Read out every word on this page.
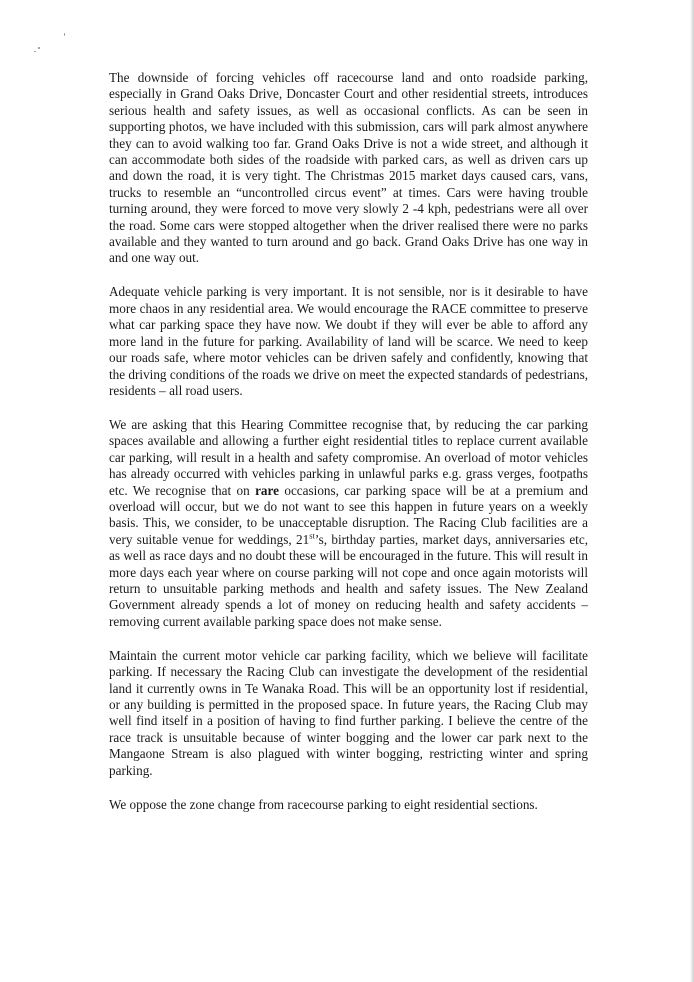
The downside of forcing vehicles off racecourse land and onto roadside parking, especially in Grand Oaks Drive, Doncaster Court and other residential streets, introduces serious health and safety issues, as well as occasional conflicts. As can be seen in supporting photos, we have included with this submission, cars will park almost anywhere they can to avoid walking too far. Grand Oaks Drive is not a wide street, and although it can accommodate both sides of the roadside with parked cars, as well as driven cars up and down the road, it is very tight. The Christmas 2015 market days caused cars, vans, trucks to resemble an “uncontrolled circus event” at times. Cars were having trouble turning around, they were forced to move very slowly 2 -4 kph, pedestrians were all over the road. Some cars were stopped altogether when the driver realised there were no parks available and they wanted to turn around and go back. Grand Oaks Drive has one way in and one way out.

Adequate vehicle parking is very important. It is not sensible, nor is it desirable to have more chaos in any residential area. We would encourage the RACE committee to preserve what car parking space they have now. We doubt if they will ever be able to afford any more land in the future for parking. Availability of land will be scarce. We need to keep our roads safe, where motor vehicles can be driven safely and confidently, knowing that the driving conditions of the roads we drive on meet the expected standards of pedestrians, residents – all road users.

We are asking that this Hearing Committee recognise that, by reducing the car parking spaces available and allowing a further eight residential titles to replace current available car parking, will result in a health and safety compromise. An overload of motor vehicles has already occurred with vehicles parking in unlawful parks e.g. grass verges, footpaths etc. We recognise that on rare occasions, car parking space will be at a premium and overload will occur, but we do not want to see this happen in future years on a weekly basis. This, we consider, to be unacceptable disruption. The Racing Club facilities are a very suitable venue for weddings, 21st’s, birthday parties, market days, anniversaries etc, as well as race days and no doubt these will be encouraged in the future. This will result in more days each year where on course parking will not cope and once again motorists will return to unsuitable parking methods and health and safety issues. The New Zealand Government already spends a lot of money on reducing health and safety accidents – removing current available parking space does not make sense.

Maintain the current motor vehicle car parking facility, which we believe will facilitate parking. If necessary the Racing Club can investigate the development of the residential land it currently owns in Te Wanaka Road. This will be an opportunity lost if residential, or any building is permitted in the proposed space. In future years, the Racing Club may well find itself in a position of having to find further parking. I believe the centre of the race track is unsuitable because of winter bogging and the lower car park next to the Mangaone Stream is also plagued with winter bogging, restricting winter and spring parking.

We oppose the zone change from racecourse parking to eight residential sections.
